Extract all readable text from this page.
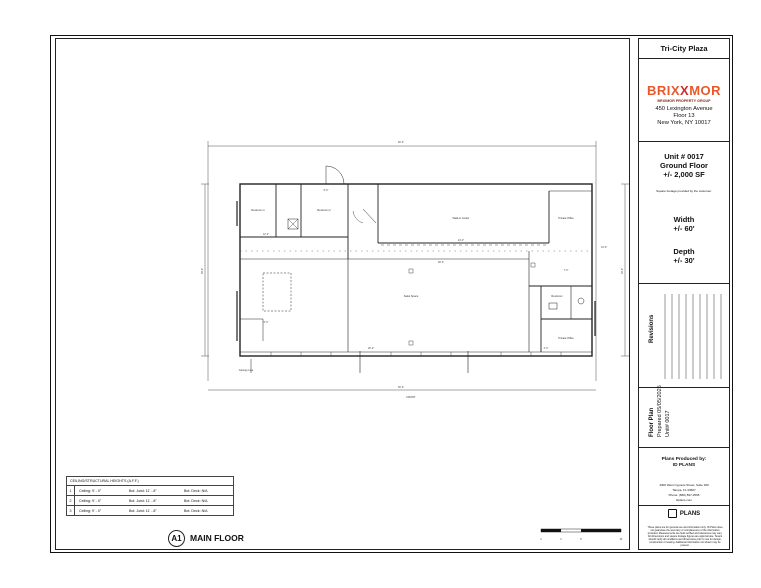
Restroom 1	Restroom 2
Walk-in Cooler	Private Office
Sales Space	Restroom
Private Office
Canopy Line
FRONT
60'-0"
60'-0"
24'-0"
28'-0"
8'-0"
12'-0"
5'-6"
7'-0"
3'-6"
26'-0"
10'-0"
30'-0"	30'-0"
0	4'	8'	16'
CEILING/STRUCTURAL HEIGHTS (A.F.F.)
1	Ceiling: 9' - 0"	Bot. Joist: 11' - 8"	Bot. Deck: N/A
2	Ceiling: 9' - 0"	Bot. Joist: 11' - 8"	Bot. Deck: N/A
3	Ceiling: 9' - 0"	Bot. Joist: 11' - 8"	Bot. Deck: N/A
A1 MAIN FLOOR
Tri-City Plaza
BRIXXMOR
BRIXMOR PROPERTY GROUP
450 Lexington Avenue
Floor 13
New York, NY 10017
Unit # 0017
Ground Floor
+/- 2,000 SF
Square footage provided by the customer.
Width
+/- 60'
Depth
+/- 30'
Revisions
Floor Plan Prepared 05/05/2025 Unit# 0017
Plans Produced by:
ID PLANS
4300 West Cypress Street, Suite 180
Tampa, FL 33607
Phone: (866) 837-2595
idplans.com
PLANS
These plans are for general use and information only. ID Plans does not guarantee the accuracy or completeness of the information provided. Measurements are field-verified and tolerances may vary. All dimensions and square footage figures are approximate. Tenant should verify all conditions and dimensions prior to use for design, construction or leasing. Additional information not shown may be present.
